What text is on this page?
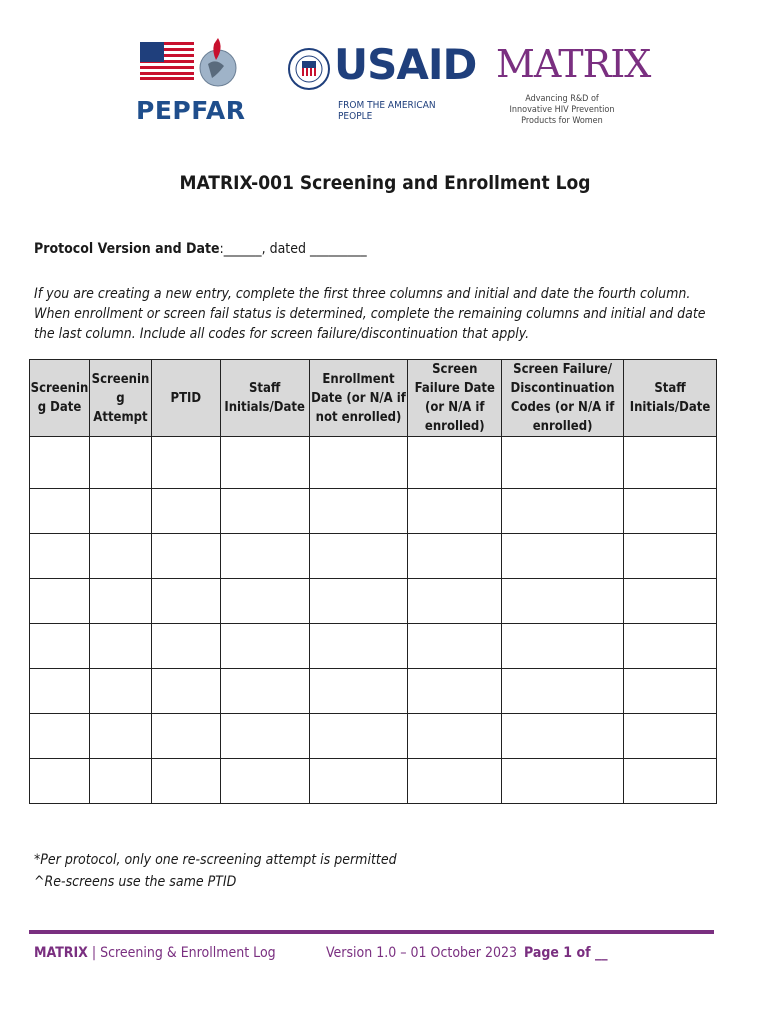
PEPFAR
USAID
FROM THE AMERICAN PEOPLE
MATRIX
Advancing R&D of Innovative HIV Prevention Products for Women
MATRIX-001 Screening and Enrollment Log
Protocol Version and Date:______, dated _________
If you are creating a new entry, complete the first three columns and initial and date the fourth column. When enrollment or screen fail status is determined, complete the remaining columns and initial and date the last column. Include all codes for screen failure/discontinuation that apply.
Screenin g Date	Screenin g Attempt	PTID	Staff Initials/Date	Enrollment Date (or N/A if not enrolled)	Screen Failure Date (or N/A if enrolled)	Screen Failure/ Discontinuation Codes (or N/A if enrolled)	Staff Initials/Date

*Per protocol, only one re-screening attempt is permitted
^Re-screens use the same PTID
MATRIX | Screening & Enrollment Log	Version 1.0 – 01 October 2023 Page 1 of __
